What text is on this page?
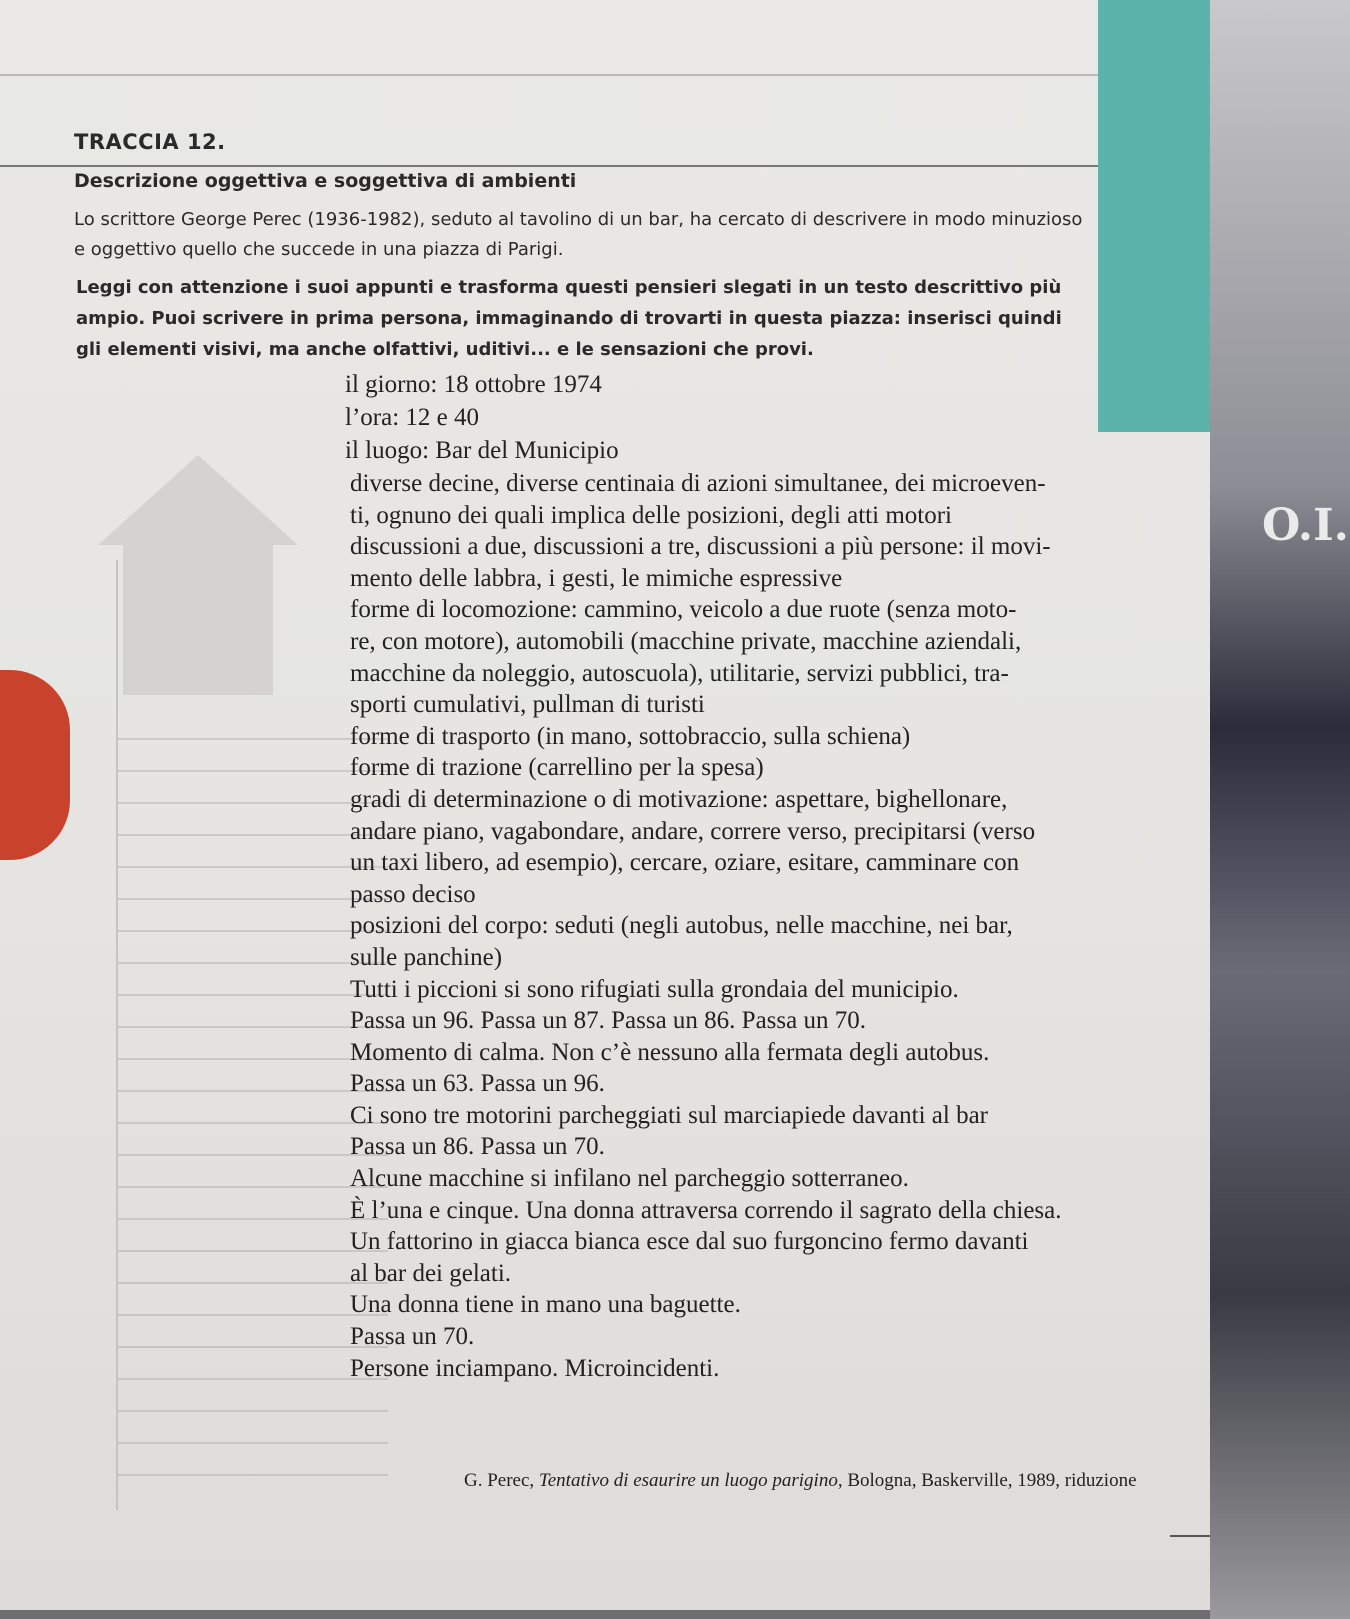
TRACCIA 12.
Descrizione oggettiva e soggettiva di ambienti
Lo scrittore George Perec (1936-1982), seduto al tavolino di un bar, ha cercato di descrivere in modo minuzioso e oggettivo quello che succede in una piazza di Parigi.
Leggi con attenzione i suoi appunti e trasforma questi pensieri slegati in un testo descrittivo più ampio. Puoi scrivere in prima persona, immaginando di trovarti in questa piazza: inserisci quindi gli elementi visivi, ma anche olfattivi, uditivi... e le sensazioni che provi.
il giorno: 18 ottobre 1974
l’ora: 12 e 40
il luogo: Bar del Municipio
diverse decine, diverse centinaia di azioni simultanee, dei microeven-
ti, ognuno dei quali implica delle posizioni, degli atti motori
discussioni a due, discussioni a tre, discussioni a più persone: il movi-
mento delle labbra, i gesti, le mimiche espressive
forme di locomozione: cammino, veicolo a due ruote (senza moto-
re, con motore), automobili (macchine private, macchine aziendali,
macchine da noleggio, autoscuola), utilitarie, servizi pubblici, tra-
sporti cumulativi, pullman di turisti
forme di trasporto (in mano, sottobraccio, sulla schiena)
forme di trazione (carrellino per la spesa)
gradi di determinazione o di motivazione: aspettare, bighellonare,
andare piano, vagabondare, andare, correre verso, precipitarsi (verso
un taxi libero, ad esempio), cercare, oziare, esitare, camminare con
passo deciso
posizioni del corpo: seduti (negli autobus, nelle macchine, nei bar,
sulle panchine)
Tutti i piccioni si sono rifugiati sulla grondaia del municipio.
Passa un 96. Passa un 87. Passa un 86. Passa un 70.
Momento di calma. Non c’è nessuno alla fermata degli autobus.
Passa un 63. Passa un 96.
Ci sono tre motorini parcheggiati sul marciapiede davanti al bar
Passa un 86. Passa un 70.
Alcune macchine si infilano nel parcheggio sotterraneo.
È l’una e cinque. Una donna attraversa correndo il sagrato della chiesa.
Un fattorino in giacca bianca esce dal suo furgoncino fermo davanti
al bar dei gelati.
Una donna tiene in mano una baguette.
Passa un 70.
Persone inciampano. Microincidenti.
G. Perec, Tentativo di esaurire un luogo parigino, Bologna, Baskerville, 1989, riduzione
O.I.
